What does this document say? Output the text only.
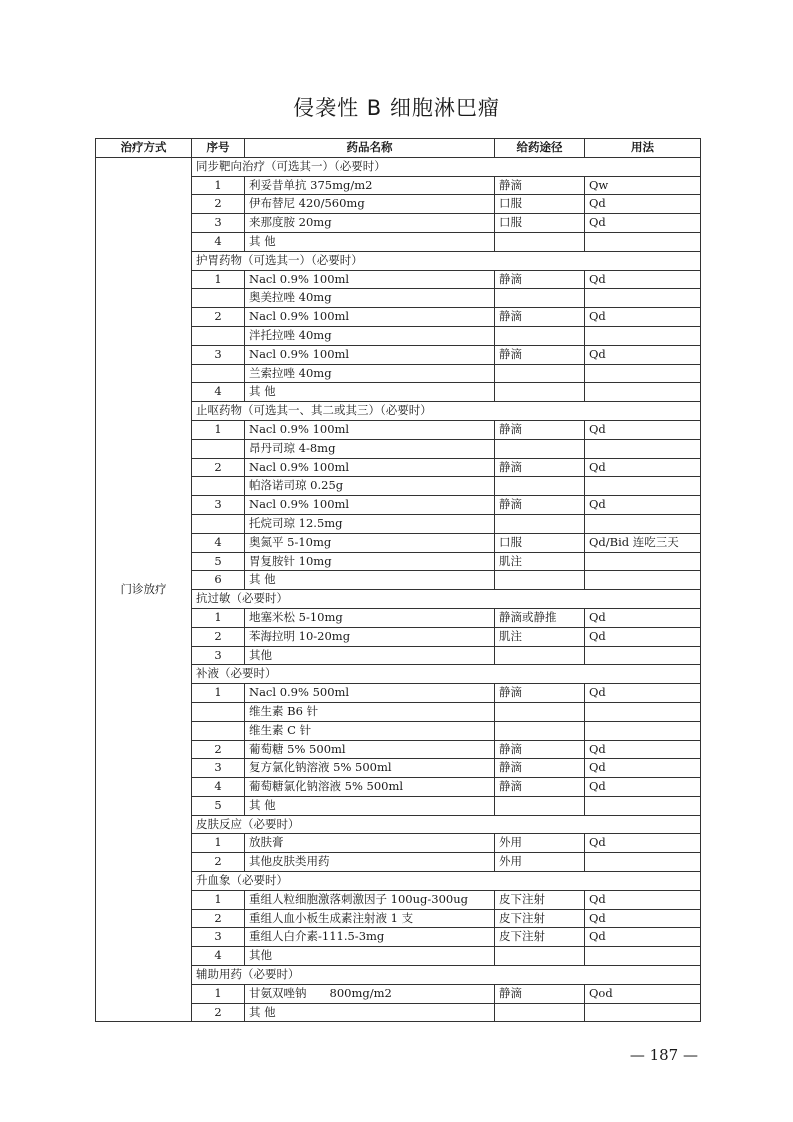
侵袭性 B 细胞淋巴瘤
治疗方式	序号	药品名称	给药途径	用法
门诊放疗	同步靶向治疗（可选其一）（必要时）			
	1	利妥昔单抗 375mg/m2	静滴	Qw
	2	伊布替尼 420/560mg	口服	Qd
	3	来那度胺 20mg	口服	Qd
	4	其 他		
	护胃药物（可选其一）（必要时）			
	1	Nacl 0.9% 100ml	静滴	Qd
		奥美拉唑 40mg		
	2	Nacl 0.9% 100ml	静滴	Qd
		泮托拉唑 40mg		
	3	Nacl 0.9% 100ml	静滴	Qd
		兰索拉唑 40mg		
	4	其 他		
	止呕药物（可选其一、其二或其三）（必要时）			
	1	Nacl 0.9% 100ml	静滴	Qd
		昂丹司琼 4-8mg		
	2	Nacl 0.9% 100ml	静滴	Qd
		帕洛诺司琼 0.25g		
	3	Nacl 0.9% 100ml	静滴	Qd
		托烷司琼 12.5mg		
	4	奥氮平 5-10mg	口服	Qd/Bid 连吃三天
	5	胃复胺针 10mg	肌注	
	6	其 他		
	抗过敏（必要时）			
	1	地塞米松 5-10mg	静滴或静推	Qd
	2	苯海拉明 10-20mg	肌注	Qd
	3	其他		
	补液（必要时）			
	1	Nacl 0.9% 500ml	静滴	Qd
		维生素 B6 针		
		维生素 C 针		
	2	葡萄糖 5% 500ml	静滴	Qd
	3	复方氯化钠溶液 5% 500ml	静滴	Qd
	4	葡萄糖氯化钠溶液 5% 500ml	静滴	Qd
	5	其 他		
	皮肤反应（必要时）			
	1	放肤膏	外用	Qd
	2	其他皮肤类用药	外用	
	升血象（必要时）			
	1	重组人粒细胞激落刺激因子 100ug-300ug	皮下注射	Qd
	2	重组人血小板生成素注射液 1 支	皮下注射	Qd
	3	重组人白介素-111.5-3mg	皮下注射	Qd
	4	其他		
	辅助用药（必要时）			
	1	甘氨双唑钠　　800mg/m2	静滴	Qod
	2	其 他		
— 187 —
